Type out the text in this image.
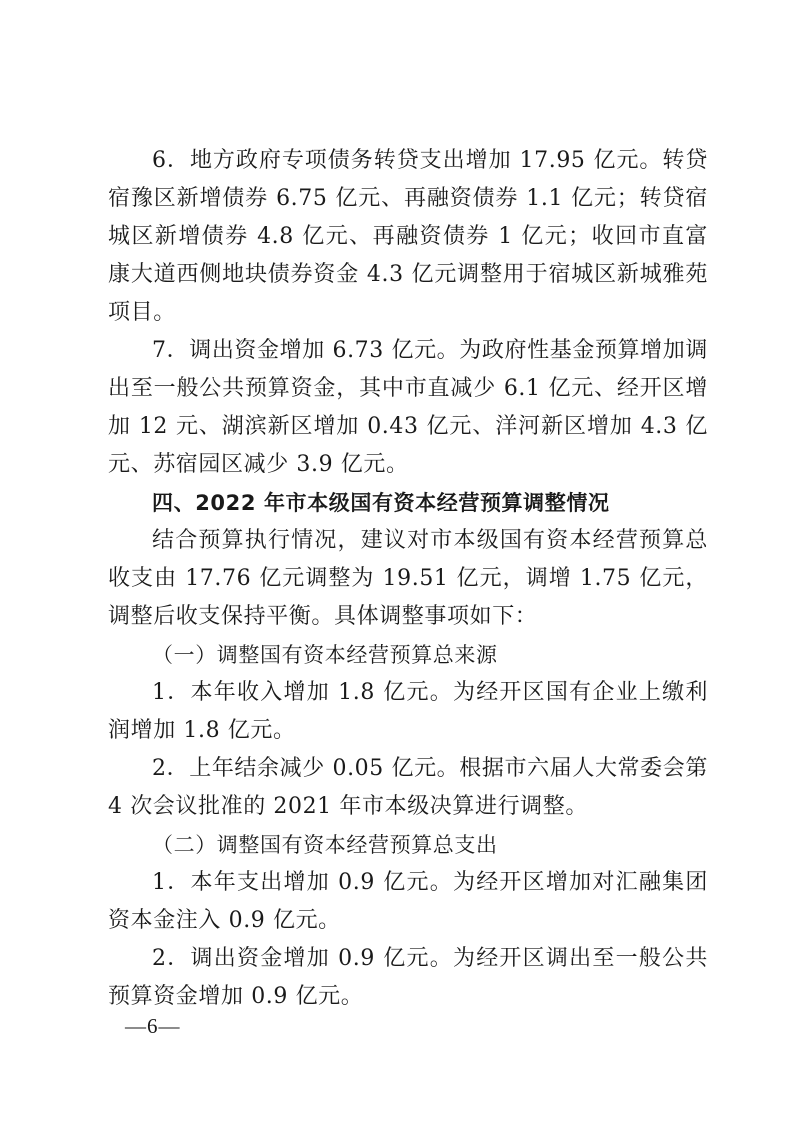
6．地方政府专项债务转贷支出增加 17.95 亿元。转贷宿豫区新增债券 6.75 亿元、再融资债券 1.1 亿元；转贷宿城区新增债券 4.8 亿元、再融资债券 1 亿元；收回市直富康大道西侧地块债券资金 4.3 亿元调整用于宿城区新城雅苑项目。

7．调出资金增加 6.73 亿元。为政府性基金预算增加调出至一般公共预算资金，其中市直减少 6.1 亿元、经开区增加 12 元、湖滨新区增加 0.43 亿元、洋河新区增加 4.3 亿元、苏宿园区减少 3.9 亿元。

四、2022 年市本级国有资本经营预算调整情况

结合预算执行情况，建议对市本级国有资本经营预算总收支由 17.76 亿元调整为 19.51 亿元，调增 1.75 亿元，调整后收支保持平衡。具体调整事项如下：

（一）调整国有资本经营预算总来源

1．本年收入增加 1.8 亿元。为经开区国有企业上缴利润增加 1.8 亿元。

2．上年结余减少 0.05 亿元。根据市六届人大常委会第 4 次会议批准的 2021 年市本级决算进行调整。

（二）调整国有资本经营预算总支出

1．本年支出增加 0.9 亿元。为经开区增加对汇融集团资本金注入 0.9 亿元。

2．调出资金增加 0.9 亿元。为经开区调出至一般公共预算资金增加 0.9 亿元。

—6—
